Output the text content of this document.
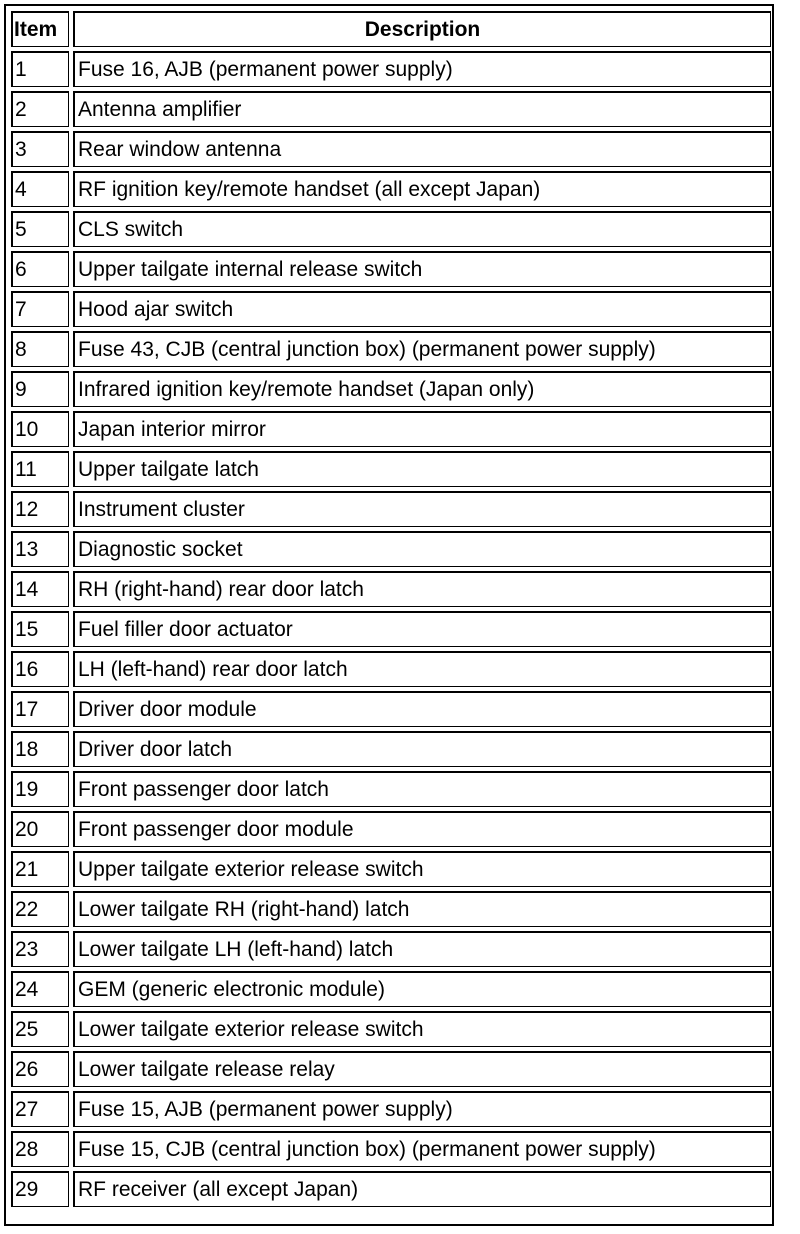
Item	Description

1	Fuse 16, AJB (permanent power supply)

2	Antenna amplifier

3	Rear window antenna

4	RF ignition key/remote handset (all except Japan)

5	CLS switch

6	Upper tailgate internal release switch

7	Hood ajar switch

8	Fuse 43, CJB (central junction box) (permanent power supply)

9	Infrared ignition key/remote handset (Japan only)

10	Japan interior mirror

11	Upper tailgate latch

12	Instrument cluster

13	Diagnostic socket

14	RH (right-hand) rear door latch

15	Fuel filler door actuator

16	LH (left-hand) rear door latch

17	Driver door module

18	Driver door latch

19	Front passenger door latch

20	Front passenger door module

21	Upper tailgate exterior release switch

22	Lower tailgate RH (right-hand) latch

23	Lower tailgate LH (left-hand) latch

24	GEM (generic electronic module)

25	Lower tailgate exterior release switch

26	Lower tailgate release relay

27	Fuse 15, AJB (permanent power supply)

28	Fuse 15, CJB (central junction box) (permanent power supply)

29	RF receiver (all except Japan)
